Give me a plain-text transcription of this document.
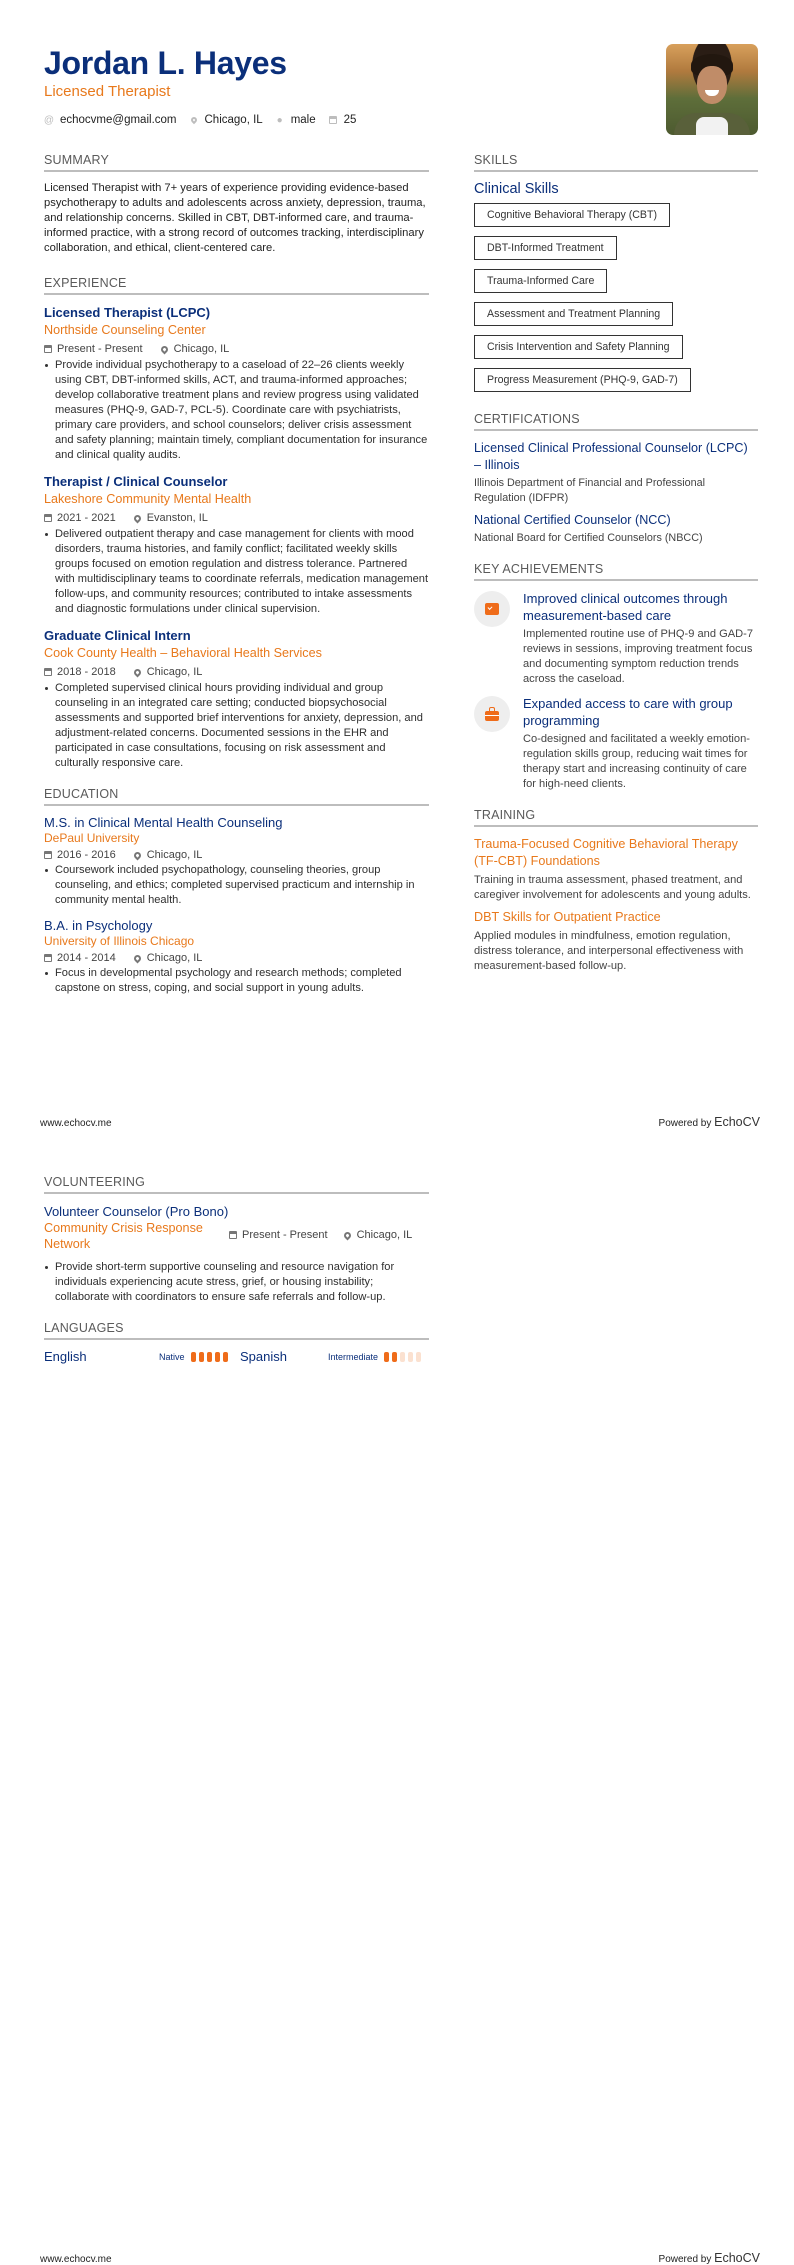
Jordan L. Hayes
Licensed Therapist
@ echocvme@gmail.com Chicago, IL ● male 25
SUMMARY

Licensed Therapist with 7+ years of experience providing evidence-based psychotherapy to adults and adolescents across anxiety, depression, trauma, and relationship concerns. Skilled in CBT, DBT-informed care, and trauma-informed practice, with a strong record of outcomes tracking, interdisciplinary collaboration, and ethical, client-centered care.

EXPERIENCE
Licensed Therapist (LCPC)
Northside Counseling Center
Present - Present	Chicago, IL
Provide individual psychotherapy to a caseload of 22–26 clients weekly using CBT, DBT-informed skills, ACT, and trauma-informed approaches; develop collaborative treatment plans and review progress using validated measures (PHQ-9, GAD-7, PCL-5). Coordinate care with psychiatrists, primary care providers, and school counselors; deliver crisis assessment and safety planning; maintain timely, compliant documentation for insurance and clinical quality audits.
Therapist / Clinical Counselor
Lakeshore Community Mental Health
2021 - 2021	Evanston, IL
Delivered outpatient therapy and case management for clients with mood disorders, trauma histories, and family conflict; facilitated weekly skills groups focused on emotion regulation and distress tolerance. Partnered with multidisciplinary teams to coordinate referrals, medication management follow-ups, and community resources; contributed to intake assessments and diagnostic formulations under clinical supervision.
Graduate Clinical Intern
Cook County Health – Behavioral Health Services
2018 - 2018	Chicago, IL
Completed supervised clinical hours providing individual and group counseling in an integrated care setting; conducted biopsychosocial assessments and supported brief interventions for anxiety, depression, and adjustment-related concerns. Documented sessions in the EHR and participated in case consultations, focusing on risk assessment and culturally responsive care.
EDUCATION
M.S. in Clinical Mental Health Counseling
DePaul University
2016 - 2016	Chicago, IL
Coursework included psychopathology, counseling theories, group counseling, and ethics; completed supervised practicum and internship in community mental health.
B.A. in Psychology
University of Illinois Chicago
2014 - 2014	Chicago, IL
Focus in developmental psychology and research methods; completed capstone on stress, coping, and social support in young adults.
SKILLS
Clinical Skills
Cognitive Behavioral Therapy (CBT)
DBT-Informed Treatment
Trauma-Informed Care
Assessment and Treatment Planning
Crisis Intervention and Safety Planning
Progress Measurement (PHQ-9, GAD-7)
CERTIFICATIONS
Licensed Clinical Professional Counselor (LCPC) – Illinois
Illinois Department of Financial and Professional Regulation (IDFPR)
National Certified Counselor (NCC)
National Board for Certified Counselors (NBCC)
KEY ACHIEVEMENTS
Improved clinical outcomes through measurement-based care
Implemented routine use of PHQ-9 and GAD-7 reviews in sessions, improving treatment focus and documenting symptom reduction trends across the caseload.
Expanded access to care with group programming
Co-designed and facilitated a weekly emotion-regulation skills group, reducing wait times for therapy start and increasing continuity of care for high-need clients.
TRAINING
Trauma-Focused Cognitive Behavioral Therapy (TF-CBT) Foundations
Training in trauma assessment, phased treatment, and caregiver involvement for adolescents and young adults.
DBT Skills for Outpatient Practice
Applied modules in mindfulness, emotion regulation, distress tolerance, and interpersonal effectiveness with measurement-based follow-up.
www.echocv.me	Powered by EchoCV
VOLUNTEERING
Volunteer Counselor (Pro Bono)
Community Crisis Response Network
Present - Present	Chicago, IL
Provide short-term supportive counseling and resource navigation for individuals experiencing acute stress, grief, or housing instability; collaborate with coordinators to ensure safe referrals and follow-up.
LANGUAGES
English	Native	Spanish	Intermediate
www.echocv.me	Powered by EchoCV
